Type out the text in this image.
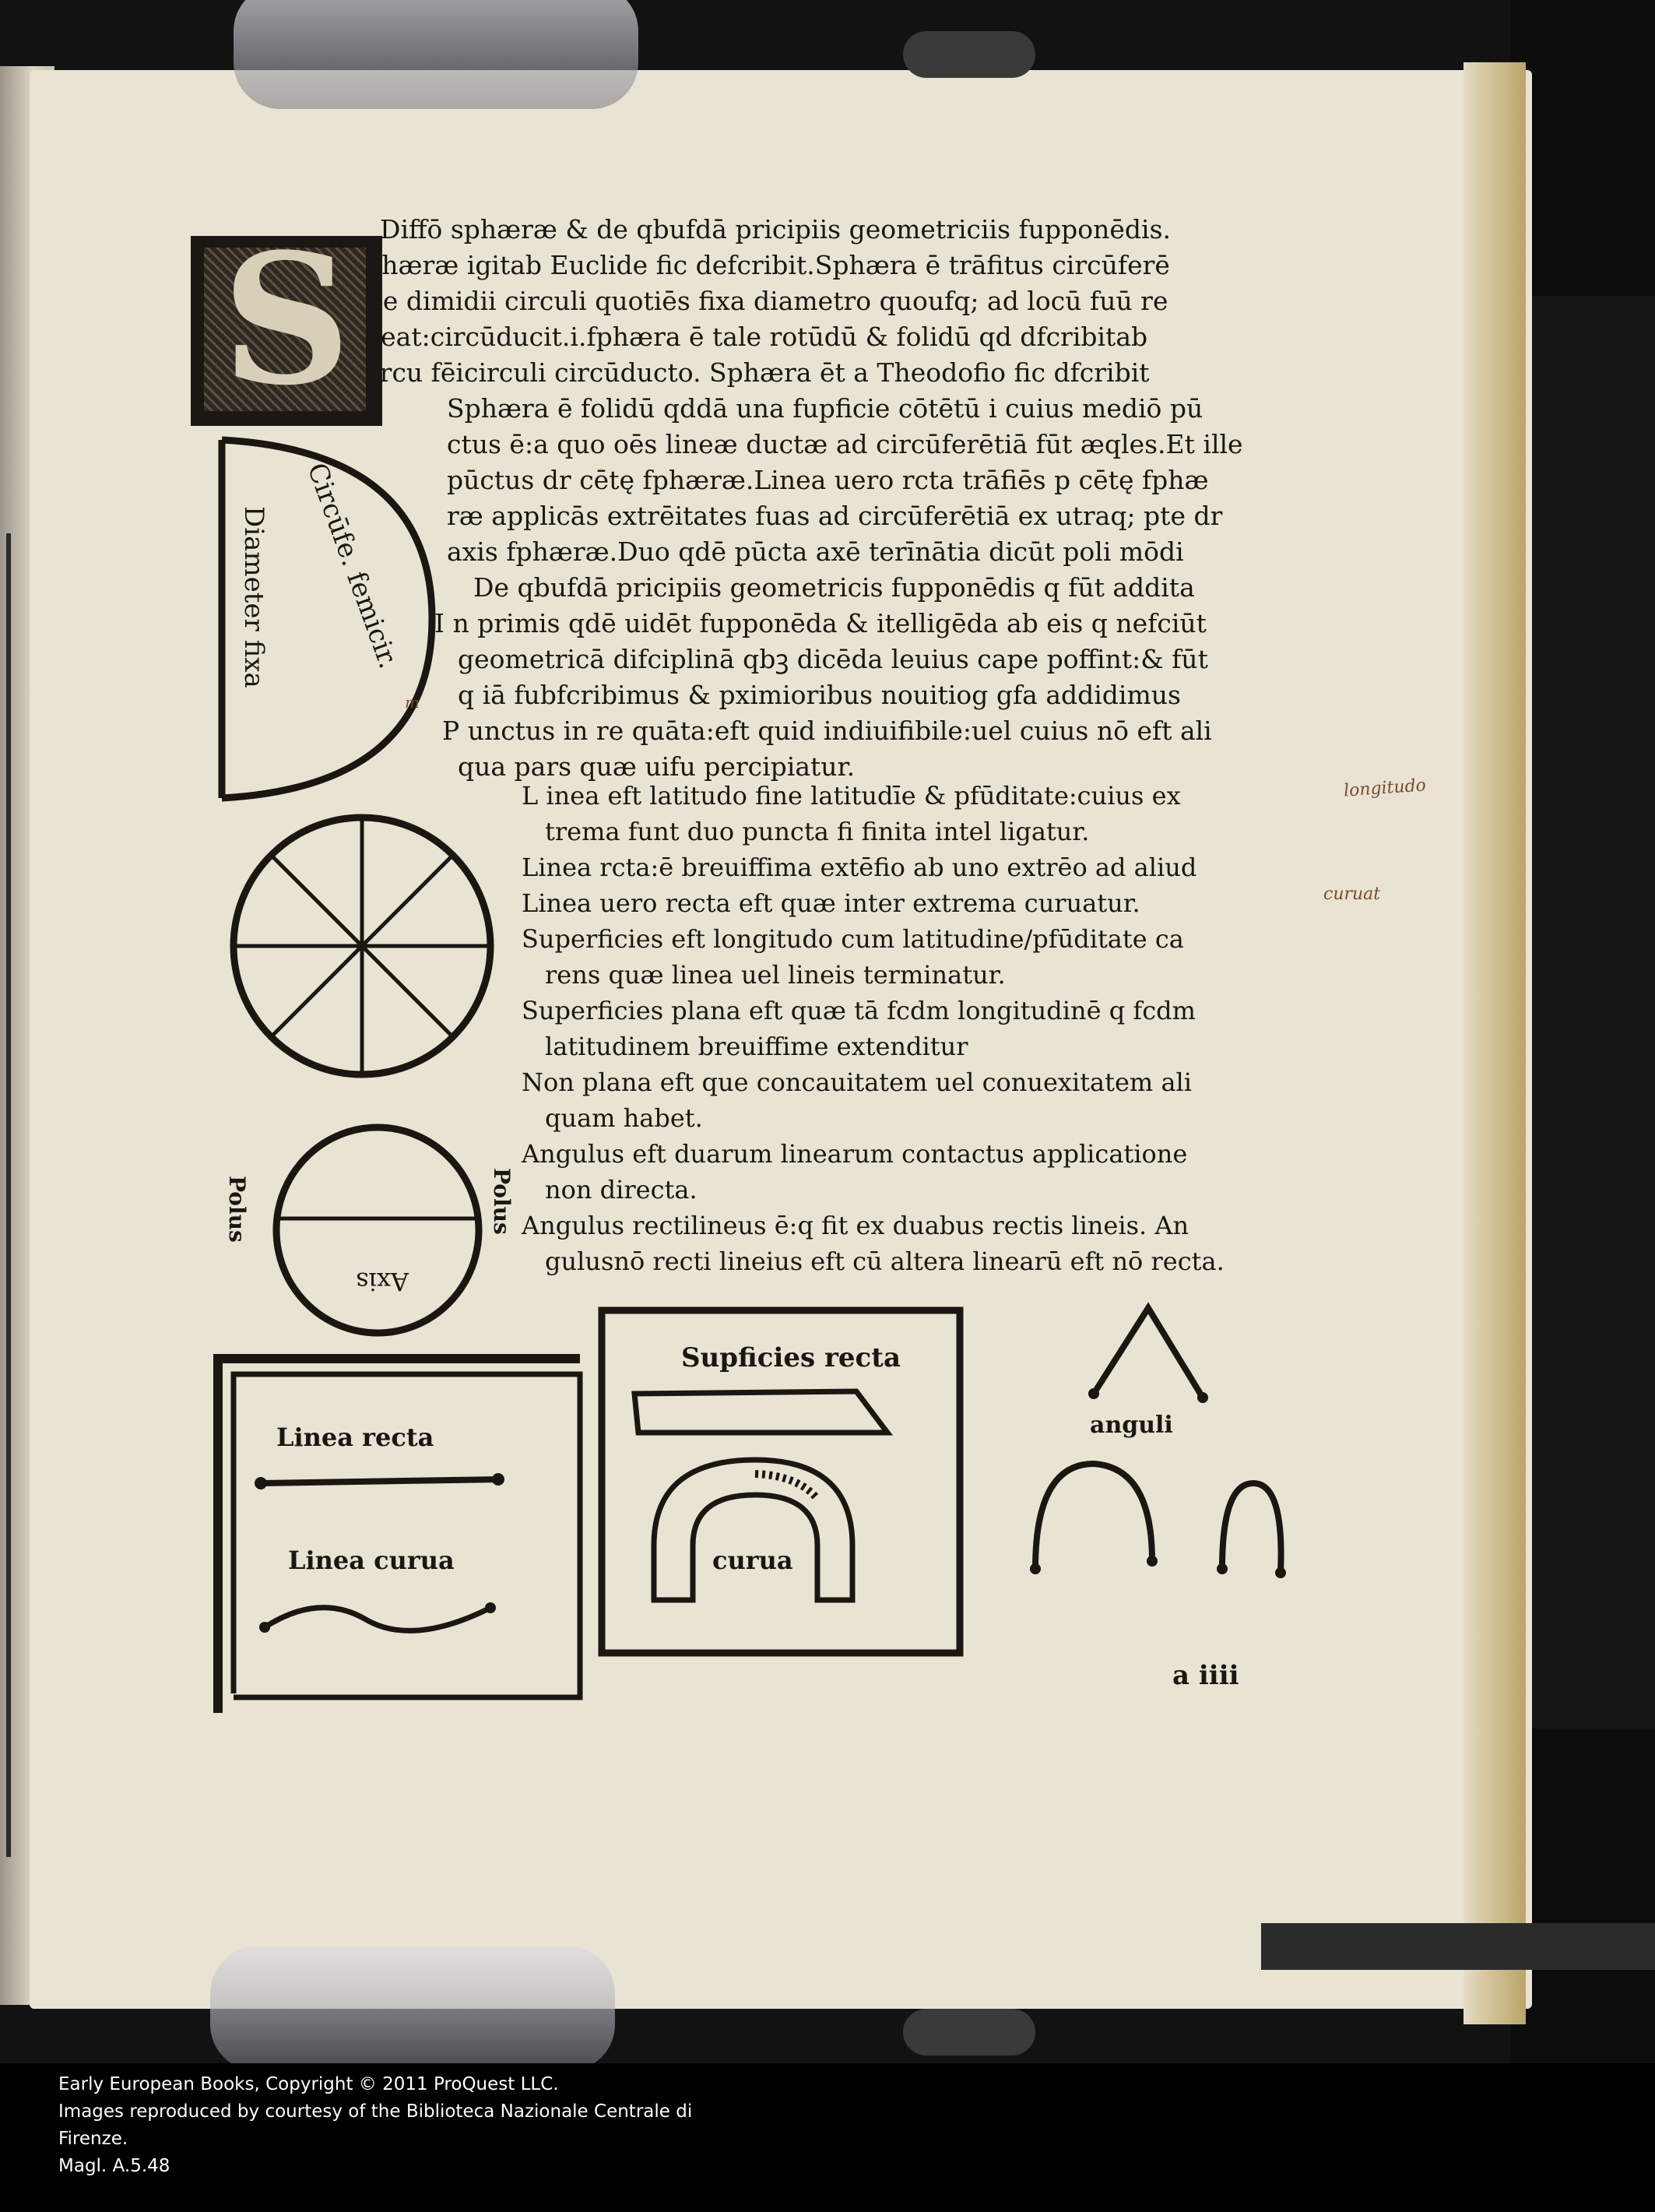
S Diffō sphæræ & de qbufdā pricipiis geometriciis fupponēdis.
Phæræ igitab Euclide fic defcribit.Sphæra ē trāfitus circūferē
tie dimidii circuli quotiēs fixa diametro quoufq; ad locū fuū re
deat:circūducit.i.fphæra ē tale rotūdū & folidū qd dfcribitab
arcu fēicirculi circūducto. Sphæra ēt a Theodofio fic dfcribit
Sphæra ē folidū qddā una fupficie cōtētū i cuius mediō pū
ctus ē:a quo oēs lineæ ductæ ad circūferētiā fūt æqles.Et ille
pūctus dr cētę fphæræ.Linea uero rcta trāfiēs p cētę fphæ
ræ applicās extrēitates fuas ad circūferētiā ex utraq; pte dr
axis fphæræ.Duo qdē pūcta axē terīnātia dicūt poli mōdi
De qbufdā pricipiis geometricis fupponēdis q fūt addita
I n primis qdē uidēt fupponēda & itelligēda ab eis q nefciūt
geometricā difciplinā qbꝫ dicēda leuius cape poffint:& fūt
q iā fubfcribimus & pximioribus nouitiog gfa addidimus
P unctus in re quāta:eft quid indiuifibile:uel cuius nō eft ali
qua pars quæ uifu percipiatur.
L inea eft latitudo fine latitudīe & pfūditate:cuius ex
trema funt duo puncta fi finita intel ligatur.
Linea rcta:ē breuiffima extēfio ab uno extrēo ad aliud
Linea uero recta eft quæ inter extrema curuatur.
Superficies eft longitudo cum latitudine/pfūditate ca
rens quæ linea uel lineis terminatur.
Superficies plana eft quæ tā fcdm longitudinē q fcdm
latitudinem breuiffime extenditur
Non plana eft que concauitatem uel conuexitatem ali
quam habet.
Angulus eft duarum linearum contactus applicatione
non directa.
Angulus rectilineus ē:q fit ex duabus rectis lineis. An
gulusnō recti lineius eft cū altera linearū eft nō recta.
Circūfe. femicir.
Diameter fixa
Axis
Polus	Polus
Linea recta
Linea curua
Supficies recta
curua
anguli
longitudo
curuat
m
a iiii
Early European Books, Copyright © 2011 ProQuest LLC.
Images reproduced by courtesy of the Biblioteca Nazionale Centrale di
Firenze.
Magl. A.5.48
